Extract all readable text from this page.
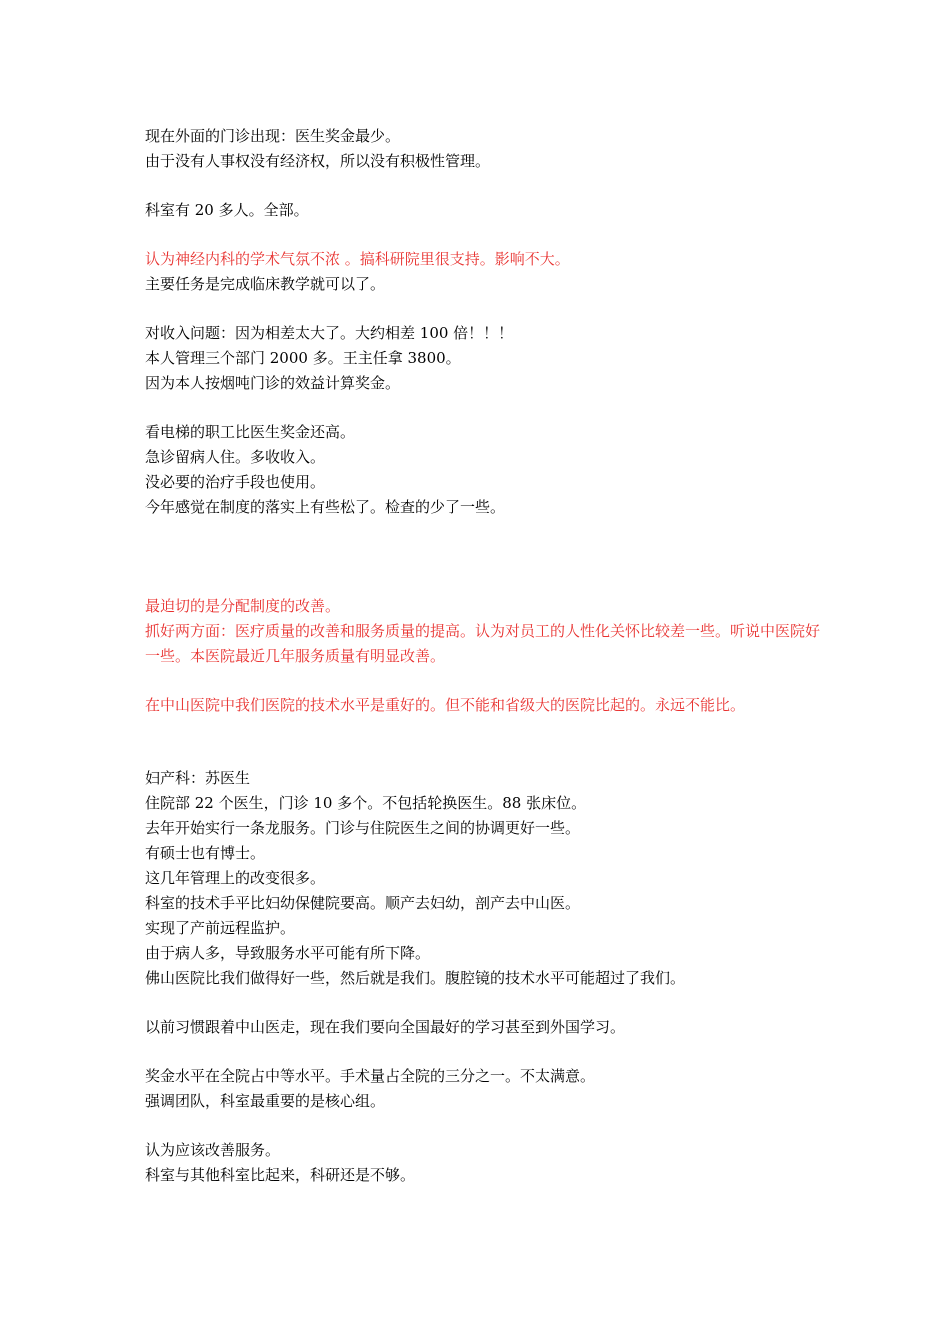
现在外面的门诊出现：医生奖金最少。
由于没有人事权没有经济权，所以没有积极性管理。
科室有 20 多人。全部。
认为神经内科的学术气氛不浓 。搞科研院里很支持。影响不大。
主要任务是完成临床教学就可以了。
对收入问题：因为相差太大了。大约相差 100 倍！！！
本人管理三个部门 2000 多。王主任拿 3800。
因为本人按烟吨门诊的效益计算奖金。
看电梯的职工比医生奖金还高。
急诊留病人住。多收收入。
没必要的治疗手段也使用。
今年感觉在制度的落实上有些松了。检查的少了一些。
最迫切的是分配制度的改善。
抓好两方面：医疗质量的改善和服务质量的提高。认为对员工的人性化关怀比较差一些。听说中医院好一些。本医院最近几年服务质量有明显改善。
在中山医院中我们医院的技术水平是重好的。但不能和省级大的医院比起的。永远不能比。
妇产科：苏医生
住院部 22 个医生，门诊 10 多个。不包括轮换医生。88 张床位。
去年开始实行一条龙服务。门诊与住院医生之间的协调更好一些。
有硕士也有博士。
这几年管理上的改变很多。
科室的技术手平比妇幼保健院要高。顺产去妇幼，剖产去中山医。
实现了产前远程监护。
由于病人多，导致服务水平可能有所下降。
佛山医院比我们做得好一些，然后就是我们。腹腔镜的技术水平可能超过了我们。
以前习惯跟着中山医走，现在我们要向全国最好的学习甚至到外国学习。
奖金水平在全院占中等水平。手术量占全院的三分之一。不太满意。
强调团队，科室最重要的是核心组。
认为应该改善服务。
科室与其他科室比起来，科研还是不够。
